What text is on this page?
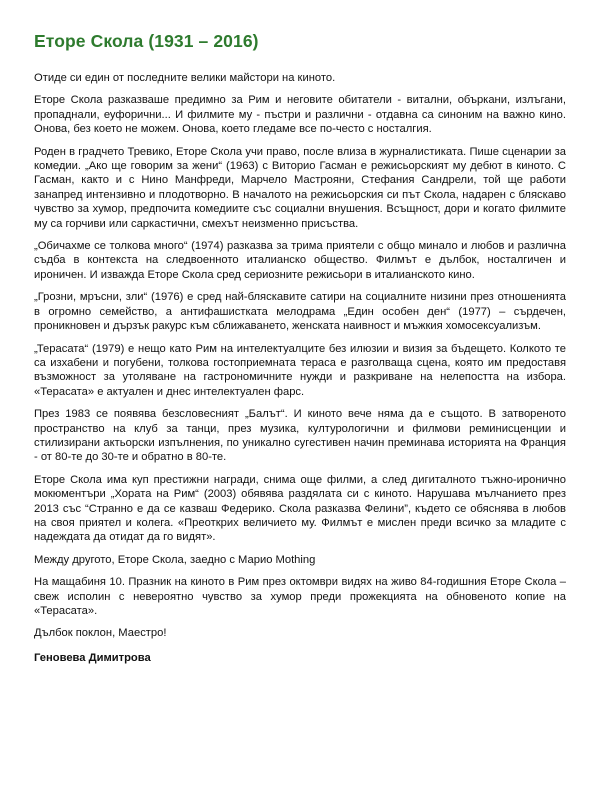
Еторе Скола (1931 – 2016)

Отиде си един от последните велики майстори на киното.

Еторе Скола разказваше предимно за Рим и неговите обитатели - витални, объркани, излъгани, пропаднали, еуфорични... И филмите му - пъстри и различни - отдавна са синоним на важно кино. Онова, без което не можем. Онова, което гледаме все по-често с носталгия.

Роден в градчето Тревико, Еторе Скола учи право, после влиза в журналистиката. Пише сценарии за комедии. „Ако ще говорим за жени“ (1963) с Виторио Гасман е режисьорският му дебют в киното. С Гасман, както и с Нино Манфреди, Марчело Мастрояни, Стефания Сандрели, той ще работи занапред интензивно и плодотворно. В началото на режисьорския си път Скола, надарен с бляскаво чувство за хумор, предпочита комедиите със социални внушения. Всъщност, дори и когато филмите му са горчиви или саркастични, смехът неизменно присъства.

„Обичахме се толкова много“ (1974) разказва за трима приятели с общо минало и любов и различна съдба в контекста на следвоенното италианско общество. Филмът е дълбок, носталгичен и ироничен. И изважда Еторе Скола сред сериозните режисьори в италианското кино.

„Грозни, мръсни, зли“ (1976) е сред най-бляскавите сатири на социалните низини през отношенията в огромно семейство, а антифашистката мелодрама „Един особен ден“ (1977) – сърдечен, проникновен и дързък ракурс към сближаването, женската наивност и мъжкия хомосексуализъм.

„Терасата“ (1979) е нещо като Рим на интелектуалците без илюзии и визия за бъдещето. Колкото те са изхабени и погубени, толкова гостоприемната тераса е разголваща сцена, която им предоставя възможност за утоляване на гастрономичните нужди и разкриване на нелепостта на избора. «Терасата» е актуален и днес интелектуален фарс.

През 1983 се появява безсловесният „Балът“. И киното вече няма да е същото. В затвореното пространство на клуб за танци, през музика, културологични и филмови реминисценции и стилизирани актьорски изпълнения, по уникално сугестивен начин преминава историята на Франция - от 80-те до 30-те и обратно в 80-те.

Еторе Скола има куп престижни награди, снима още филми, а след дигиталното тъжно-иронично мокюментъри „Хората на Рим“ (2003) обявява раздялата си с киното. Нарушава мълчанието през 2013 със “Странно е да се казваш Федерико. Скола разказва Фелини”, където се обяснява в любов на своя приятел и колега. «Преоткрих величието му. Филмът е мислен преди всичко за младите с надеждата да отидат да го видят».

Между другото, Еторе Скола, заедно с Марио Мothing

На мащабиня 10. Празник на киното в Рим през октомври видях на живо 84-годишния Еторе Скола – свеж исполин с невероятно чувство за хумор преди прожекцията на обновеното копие на «Терасата».

Дълбок поклон, Маестро!

Геновева Димитрова
